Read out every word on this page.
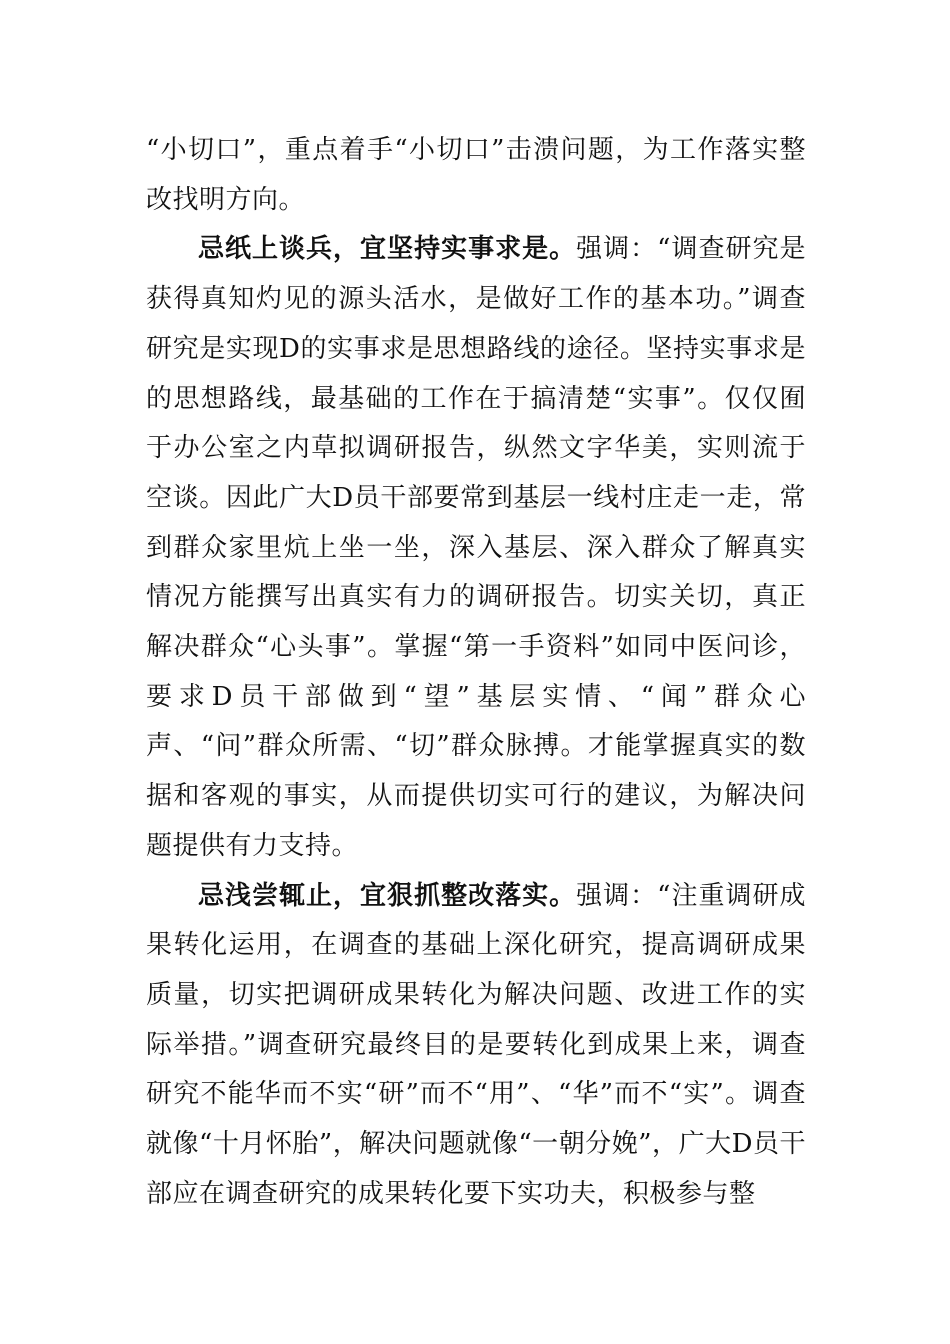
“小切口”，重点着手“小切口”击溃问题，为工作落实整改找明方向。

忌纸上谈兵，宜坚持实事求是。强调：“调查研究是获得真知灼见的源头活水，是做好工作的基本功。”调查研究是实现D的实事求是思想路线的途径。坚持实事求是的思想路线，最基础的工作在于搞清楚“实事”。仅仅囿于办公室之内草拟调研报告，纵然文字华美，实则流于空谈。因此广大D员干部要常到基层一线村庄走一走，常到群众家里炕上坐一坐，深入基层、深入群众了解真实情况方能撰写出真实有力的调研报告。切实关切，真正解决群众“心头事”。掌握“第一手资料”如同中医问诊，要求D员干部做到“望”基层实情、“闻”群众心声、“问”群众所需、“切”群众脉搏。才能掌握真实的数据和客观的事实，从而提供切实可行的建议，为解决问题提供有力支持。

忌浅尝辄止，宜狠抓整改落实。强调：“注重调研成果转化运用，在调查的基础上深化研究，提高调研成果质量，切实把调研成果转化为解决问题、改进工作的实际举措。”调查研究最终目的是要转化到成果上来，调查研究不能华而不实“研”而不“用”、“华”而不“实”。调查就像“十月怀胎”，解决问题就像“一朝分娩”，广大D员干部应在调查研究的成果转化要下实功夫，积极参与整
